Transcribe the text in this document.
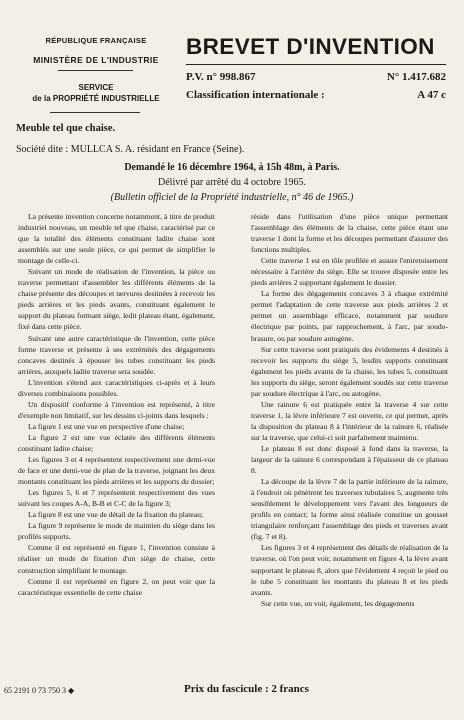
RÉPUBLIQUE FRANÇAISE
MINISTÈRE DE L'INDUSTRIE
SERVICE
de la PROPRIÉTÉ INDUSTRIELLE
BREVET D'INVENTION
P.V. n° 998.867	N° 1.417.682
Classification internationale :	A 47 c
Meuble tel que chaise.
Société dite : MULLCA S. A. résidant en France (Seine).
Demandé le 16 décembre 1964, à 15h 48m, à Paris.
Délivré par arrêté du 4 octobre 1965.
(Bulletin officiel de la Propriété industrielle, n° 46 de 1965.)

La présente invention concerne notamment, à titre de produit industriel nouveau, un meuble tel que chaise, caractérisé par ce que la totalité des éléments constituant ladite chaise sont assemblés sur une seule pièce, ce qui permet de simplifier le montage de celle-ci.

Suivant un mode de réalisation de l'invention, la pièce ou traverse permettant d'assembler les différents éléments de la chaise présente des découpes et nervures destinées à recevoir les pieds arrières et les pieds avants, constituant également le support du plateau formant siège, ledit plateau étant, également, fixé dans cette pièce.

Suivant une autre caractéristique de l'invention, cette pièce forme traverse et présente à ses extrémités des dégagements concaves destinés à épouser les tubes constituant les pieds arrières, auxquels ladite traverse sera soudée.

L'invention s'étend aux caractéristiques ci-après et à leurs diverses combinaisons possibles.

Un dispositif conforme à l'invention est représenté, à titre d'exemple non limitatif, sur les dessins ci-joints dans lesquels :

La figure 1 est une vue en perspective d'une chaise;

La figure 2 est une vue éclatée des différents éléments constituant ladite chaise;

Les figures 3 et 4 représentent respectivement une demi-vue de face et une demi-vue de plan de la traverse, joignant les deux montants constituant les pieds arrières et les supports du dossier;

Les figures 5, 6 et 7 représentent respectivement des vues suivant les coupes A-A, B-B et C-C de la figure 3;

La figure 8 est une vue de détail de la fixation du plateau;

La figure 9 représente le mode de maintien du siège dans les profilés supports.

Comme il est représenté en figure 1, l'invention consiste à réaliser un mode de fixation d'un siège de chaise, cette construction simplifiant le montage.

Comme il est représenté en figure 2, on peut voir que la caractéristique essentielle de cette chaise

réside dans l'utilisation d'une pièce unique permettant l'assemblage des éléments de la chaise, cette pièce étant une traverse 1 dont la forme et les découpes permettant d'assurer des fonctions multiples.

Cette traverse 1 est en tôle profilée et assure l'entretoisement nécessaire à l'arrière du siège. Elle se trouve disposée entre les pieds arrières 2 supportant également le dossier.

La forme des dégagements concaves 3 à chaque extrémité permet l'adaptation de cette traverse aux pieds arrières 2 et permet un assemblage efficace, notamment par soudure électrique par points, par rapprochement, à l'arc, par soudo-brasure, ou par soudure autogène.

Sur cette traverse sont pratiqués des évidements 4 destinés à recevoir les supports du siège 5, lesdits supports constituant également les pieds avants de la chaise, les tubes 5, constituant les supports du siège, seront également soudés sur cette traverse par soudure électrique à l'arc, ou autogène.

Une rainure 6 est pratiquée entre la traverse 4 sur cette traverse 1, la lèvre inférieure 7 est ouverte, ce qui permet, après la disposition du plateau 8 à l'intérieur de la rainure 6, réalisée sur la traverse, que celui-ci soit parfaitement maintenu.

Le plateau 8 est donc disposé à fond dans la traverse, la largeur de la rainure 6 correspondant à l'épaisseur de ce plateau 8.

La découpe de la lèvre 7 de la partie inférieure de la rainure, à l'endroit où pénètrent les traverses tubulaires 5, augmente très sensiblement le développement vers l'avant des longueurs de profils en contact; la forme ainsi réalisée constitue un gousset triangulaire renforçant l'assemblage des pieds et traverses avant (fig. 7 et 8).

Les figures 3 et 4 représentent des détails de réalisation de la traverse, où l'on peut voir, notamment en figure 4, la lèvre avant supportant le plateau 8, alors que l'évidement 4 reçoit le pied ou le tube 5 constituant les montants du plateau 8 et les pieds avants.

Sur cette vue, on voit, également, les dégagements

65 2191 0 73 750 3 ◆	Prix du fascicule : 2 francs
